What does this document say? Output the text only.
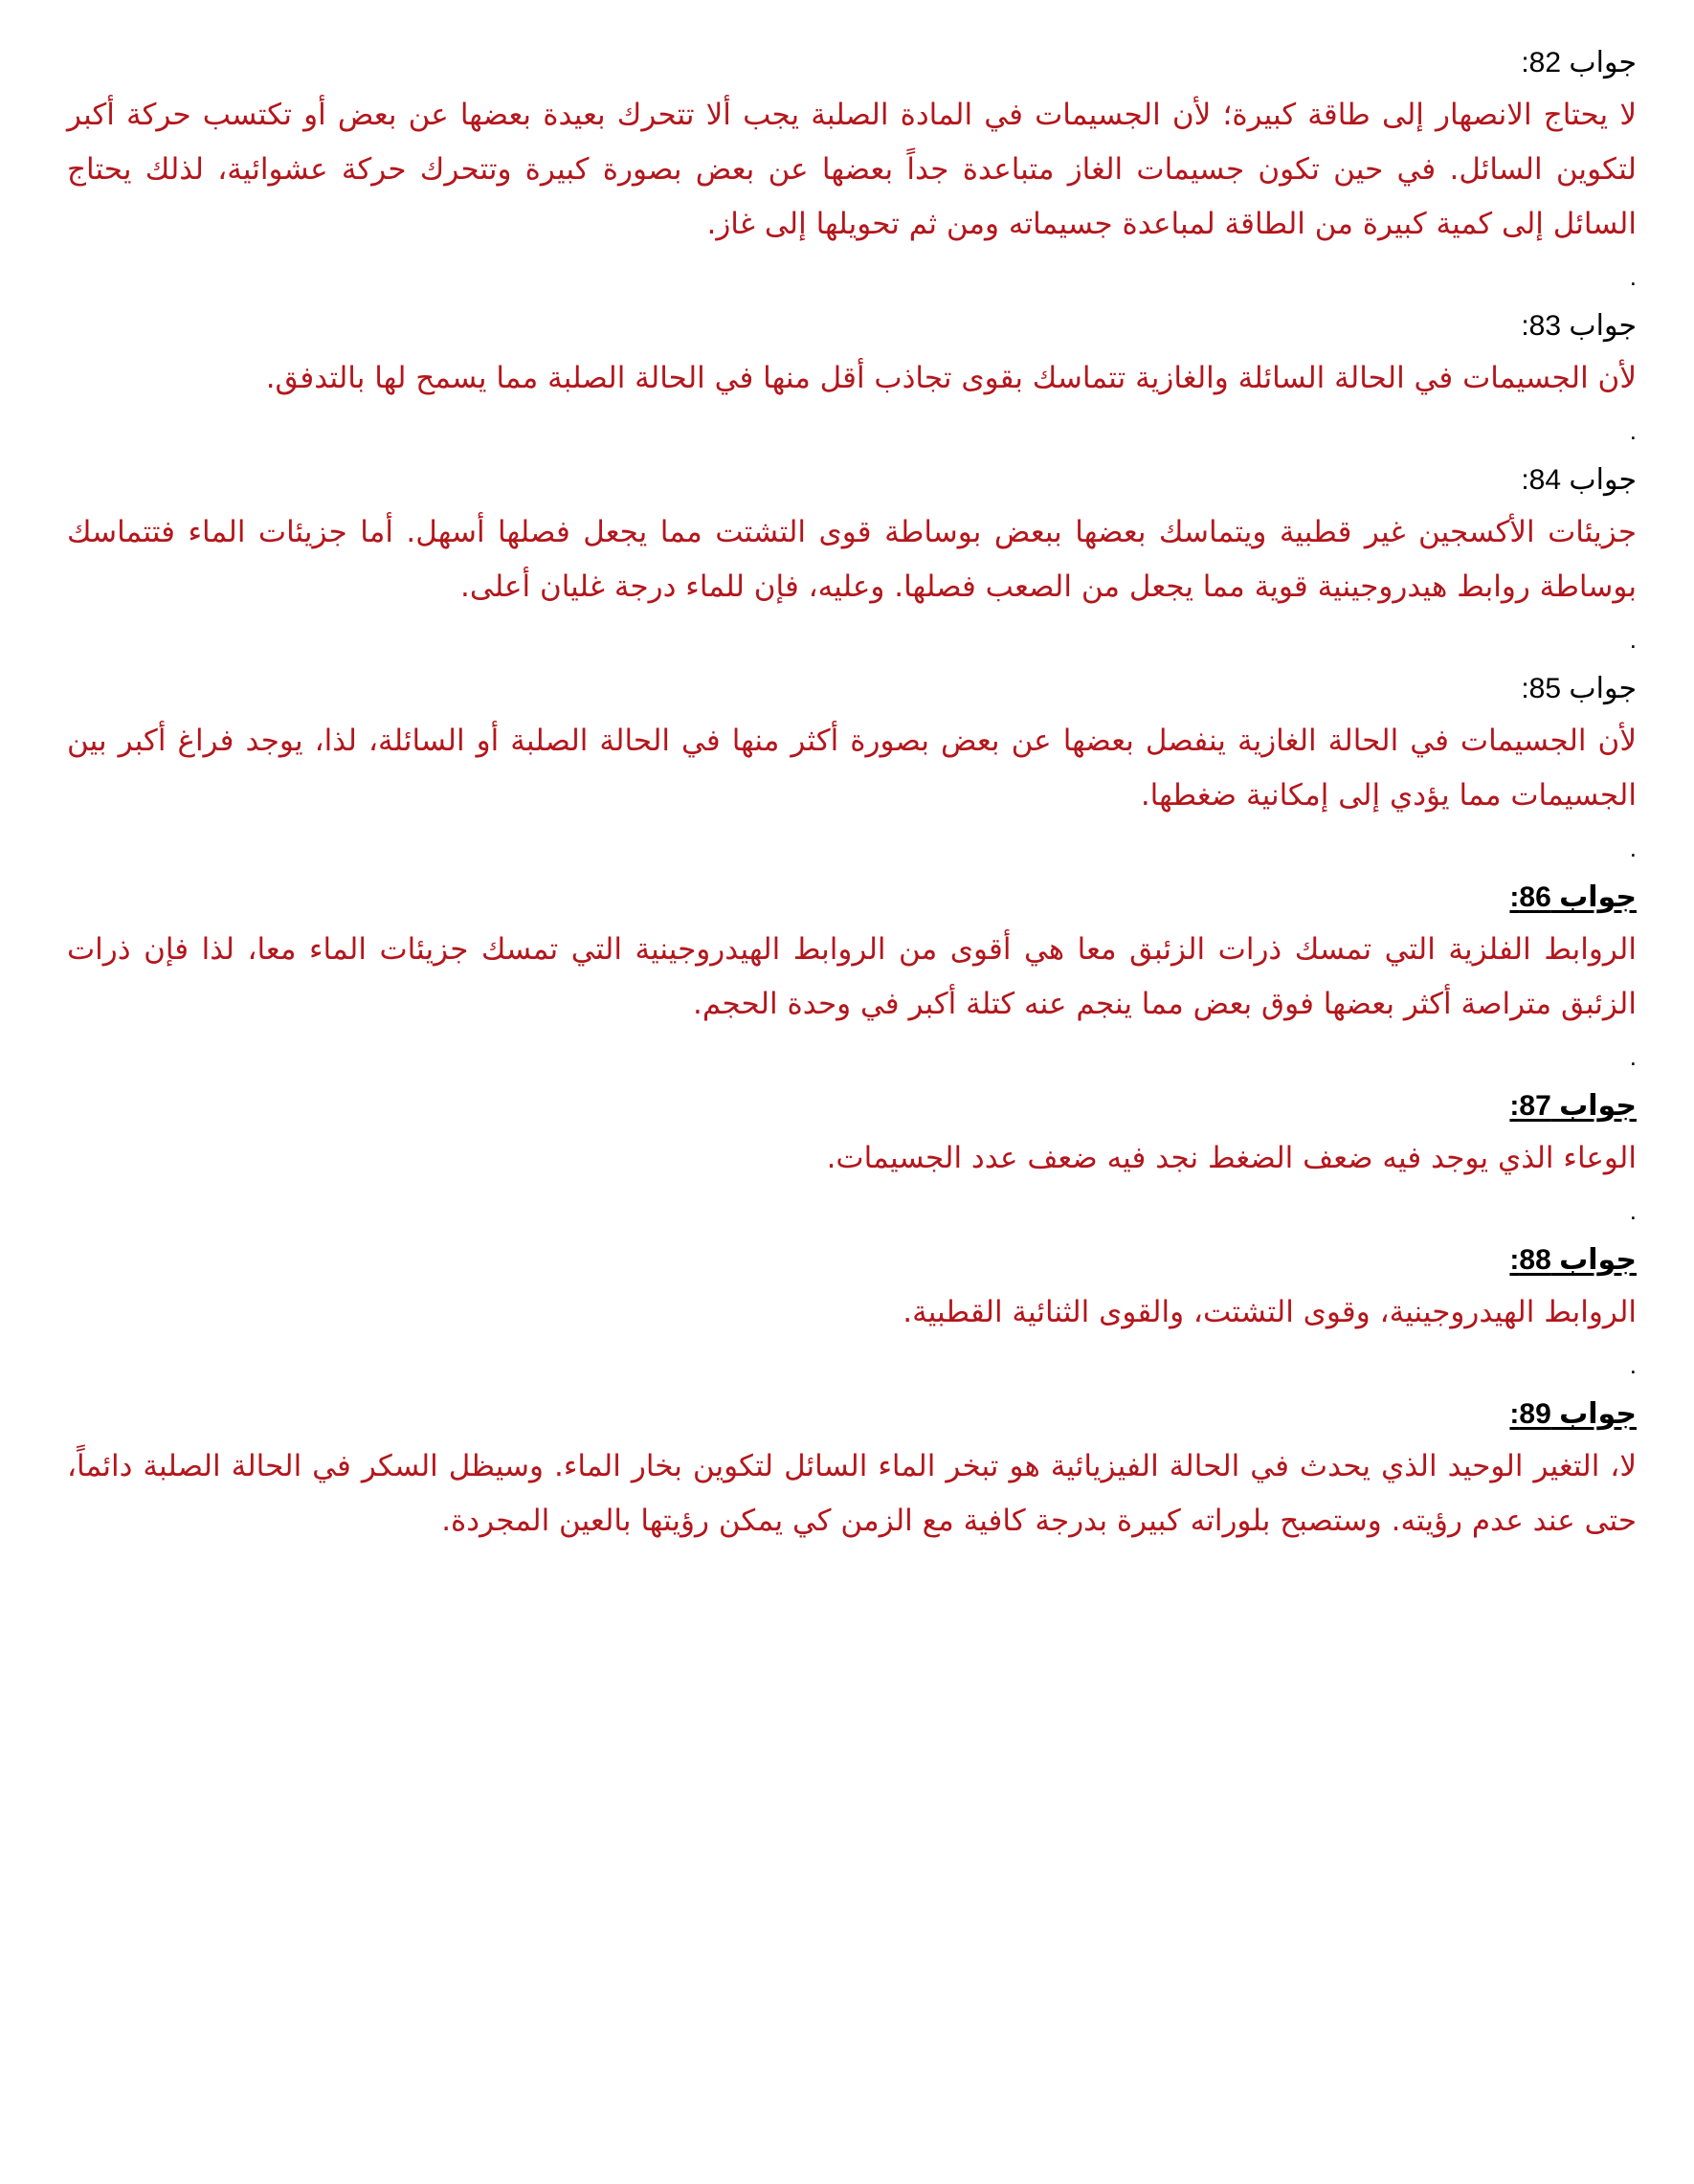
جواب 82:
لا يحتاج الانصهار إلى طاقة كبيرة؛ لأن الجسيمات في المادة الصلبة يجب ألا تتحرك بعيدة بعضها عن بعض أو تكتسب حركة أكبر لتكوين السائل. في حين تكون جسيمات الغاز متباعدة جداً بعضها عن بعض بصورة كبيرة وتتحرك حركة عشوائية، لذلك يحتاج السائل إلى كمية كبيرة من الطاقة لمباعدة جسيماته ومن ثم تحويلها إلى غاز.
.
جواب 83:
لأن الجسيمات في الحالة السائلة والغازية تتماسك بقوى تجاذب أقل منها في الحالة الصلبة مما يسمح لها بالتدفق.
.
جواب 84:
جزيئات الأكسجين غير قطبية ويتماسك بعضها ببعض بوساطة قوى التشتت مما يجعل فصلها أسهل. أما جزيئات الماء فتتماسك بوساطة روابط هيدروجينية قوية مما يجعل من الصعب فصلها. وعليه، فإن للماء درجة غليان أعلى.
.
جواب 85:
لأن الجسيمات في الحالة الغازية ينفصل بعضها عن بعض بصورة أكثر منها في الحالة الصلبة أو السائلة، لذا، يوجد فراغ أكبر بين الجسيمات مما يؤدي إلى إمكانية ضغطها.
.
جواب 86:
الروابط الفلزية التي تمسك ذرات الزئبق معا هي أقوى من الروابط الهيدروجينية التي تمسك جزيئات الماء معا، لذا فإن ذرات الزئبق متراصة أكثر بعضها فوق بعض مما ينجم عنه كتلة أكبر في وحدة الحجم.
.
جواب 87:
الوعاء الذي يوجد فيه ضعف الضغط نجد فيه ضعف عدد الجسيمات.
.
جواب 88:
الروابط الهيدروجينية، وقوى التشتت، والقوى الثنائية القطبية.
.
جواب 89:
لا، التغير الوحيد الذي يحدث في الحالة الفيزيائية هو تبخر الماء السائل لتكوين بخار الماء. وسيظل السكر في الحالة الصلبة دائماً، حتى عند عدم رؤيته. وستصبح بلوراته كبيرة بدرجة كافية مع الزمن كي يمكن رؤيتها بالعين المجردة.
